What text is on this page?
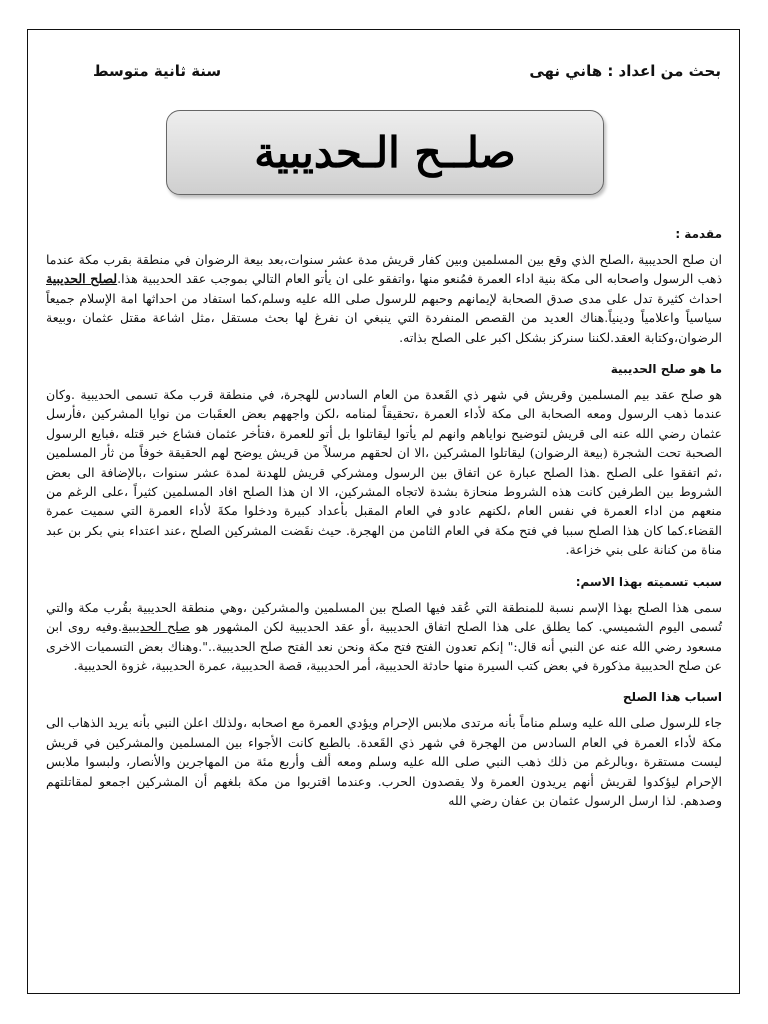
بحث من اعداد : هاني نهى
سنة ثانية متوسط
صلــح الـحديبية
مقدمة :

ان صلح الحديبية ،الصلح الذي وقع بين المسلمين وبين كفار قريش مدة عشر سنوات،بعد بيعة الرضوان في منطقة بقرب مكة عندما ذهب الرسول واصحابه الى مكة بنية اداء العمرة فمُنعو منها ،واتفقو على ان يأتو العام التالي بموجب عقد الحديبية هذا.لصلح الحديبية احداث كثيرة تدل على مدى صدق الصحابة لإيمانهم وحبهم للرسول صلى الله عليه وسلم،كما استفاد من احداثها امة الإسلام جميعاً سياسياً واعلامياً ودينياً.هناك العديد من القصص المنفردة التي ينبغي ان نفرغ لها بحث مستقل ،مثل اشاعة مقتل عثمان ،وبيعة الرضوان،وكتابة العقد.لكننا سنركز بشكل اكبر على الصلح بذاته.

ما هو صلح الحديبية

هو صلح عقد بيم المسلمين وقريش في شهر ذي القَعدة من العام السادس للهجرة، في منطقة قرب مكة تسمى الحديبية .وكان عندما ذهب الرسول ومعه الصحابة الى مكة لأداء العمرة ،تحقيقاً لمنامه ،لكن واجههم بعض العقَبات من نوايا المشركين ،فأرسل عثمان رضي الله عنه الى قريش لتوضيح نواياهم وانهم لم يأتوا ليقاتلوا بل أتو للعمرة ،فتأخر عثمان فشاع خبر قتله ،فبايع الرسول الصحبة تحت الشجرة (بيعة الرضوان) ليقاتلوا المشركين ،الا ان لحقهم مرسلاً من قريش يوضح لهم الحقيقة خوفاً من ثأر المسلمين ،ثم اتفقوا على الصلح .هذا الصلح عبارة عن اتفاق بين الرسول ومشركي قريش للهدنة لمدة عشر سنوات ،بالإضافة الى بعض الشروط بين الطرفين كانت هذه الشروط منحازة بشدة لاتجاه المشركين، الا ان هذا الصلح افاد المسلمين كثيراً ،على الرغم من منعهم من اداء العمرة في نفس العام ،لكنهم عادو في العام المقبل بأعداد كبيرة ودخلوا مكةَ لأداء العمرة التي سميت عمرة القضاء.كما كان هذا الصلح سببا في فتح مكة في العام الثامن من الهجرة. حيث نقَضت المشركين الصلح ،عند اعتداء بني بكر بن عبد مناة من كنانة على بني خزاعة.

سبب تسميته بهذا الاسم:

سمى هذا الصلح بهذا الإسم نسبة للمنطقة التي عُقد فيها الصلح بين المسلمين والمشركين ،وهي منطقة الحديبية بقُرب مكة والتي تُسمى اليوم الشميسي. كما يطلق على هذا الصلح اتفاق الحديبية ،أو عقد الحديبية لكن المشهور هو صلح الحديبية.وفيه روى ابن مسعود رضي الله عنه عن النبي أنه قال:" إنكم تعدون الفتح فتح مكة ونحن نعد الفتح صلح الحديبية..".وهناك بعض التسميات الاخرى عن صلح الحديبية مذكورة في بعض كتب السيرة منها حادثة الحديبية، أمر الحديبية، قصة الحديبية، عمرة الحديبية، غزوة الحديبية.

اسباب هذا الصلح

جاء للرسول صلى الله عليه وسلم مناماً بأنه مرتدى ملابس الإحرام ويؤدي العمرة مع اصحابه ،ولذلك اعلن النبي بأنه يريد الذهاب الى مكة لأداء العمرة في العام السادس من الهجرة في شهر ذي القَعدة. بالطبع كانت الأجواء بين المسلمين والمشركين في قريش ليست مستقرة ،وبالرغم من ذلك ذهب النبي صلى الله عليه وسلم ومعه ألف وأربع مئة من المهاجرين والأنصار، ولبسوا ملابس الإحرام ليؤكدوا لقريش أنهم يريدون العمرة ولا يقصدون الحرب. وعندما اقتربوا من مكة بلغهم أن المشركين اجمعو لمقاتلتهم وصدهم. لذا ارسل الرسول عثمان بن عفان رضي الله
